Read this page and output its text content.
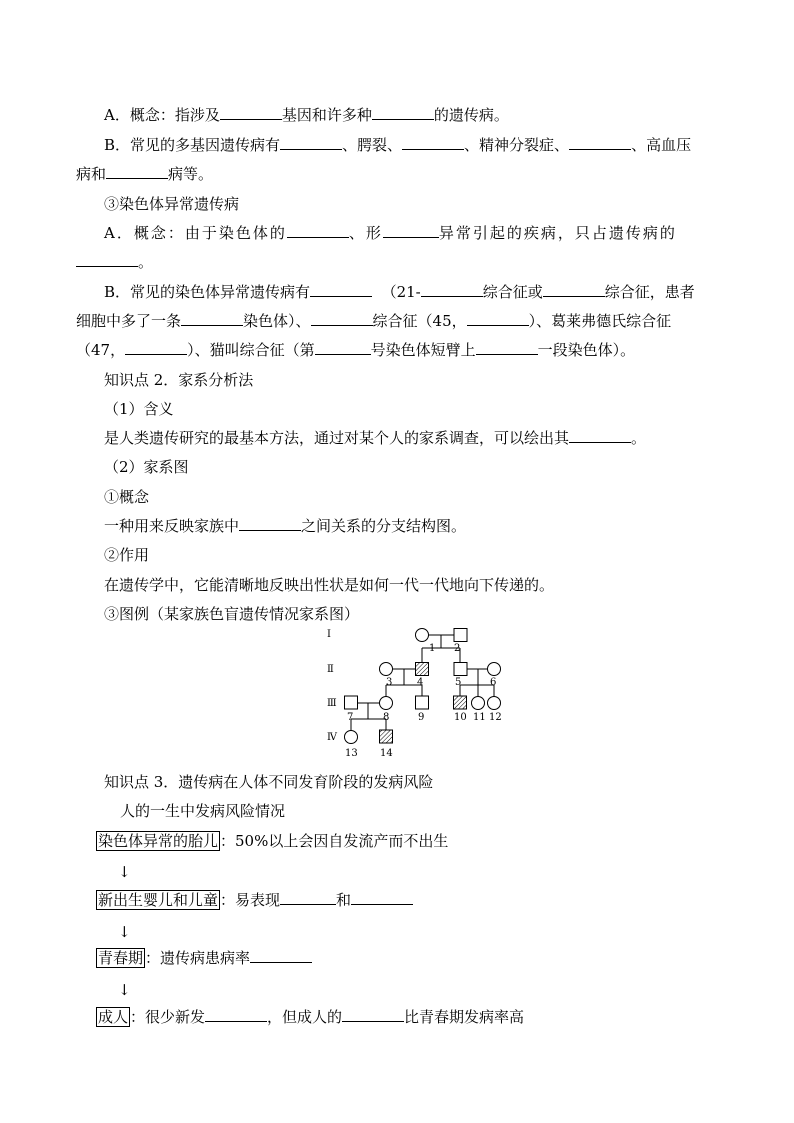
A．概念：指涉及	基因和许多种	的遗传病。
B．常见的多基因遗传病有	、腭裂、	、精神分裂症、	、高血压
病和	病等。
③染色体异常遗传病
A．概念：由于染色体的	、形	异常引起的疾病，只占遗传病的
。
B．常见的染色体异常遗传病有	（21-	综合征或	综合征，患者
细胞中多了一条	染色体）、	综合征（45，	）、葛莱弗德氏综合征
（47，	）、猫叫综合征（第	号染色体短臂上	一段染色体）。
知识点 2．家系分析法
（1）含义
是人类遗传研究的最基本方法，通过对某个人的家系调查，可以绘出其	。
（2）家系图
①概念
一种用来反映家族中	之间关系的分支结构图。
②作用
在遗传学中，它能清晰地反映出性状是如何一代一代地向下传递的。
③图例（某家族色盲遗传情况家系图）
Ⅰ
Ⅱ
Ⅲ
Ⅳ
1 2
3 4	5	6
7	8	9	10 11 12
13 14
知识点 3．遗传病在人体不同发育阶段的发病风险
人的一生中发病风险情况
染色体异常的胎儿 ：50%以上会因自发流产而不出生
↓
新出生婴儿和儿童 ：易表现	和
↓
青春期 ：遗传病患病率
↓
成人 ：很少新发	，但成人的	比青春期发病率高
